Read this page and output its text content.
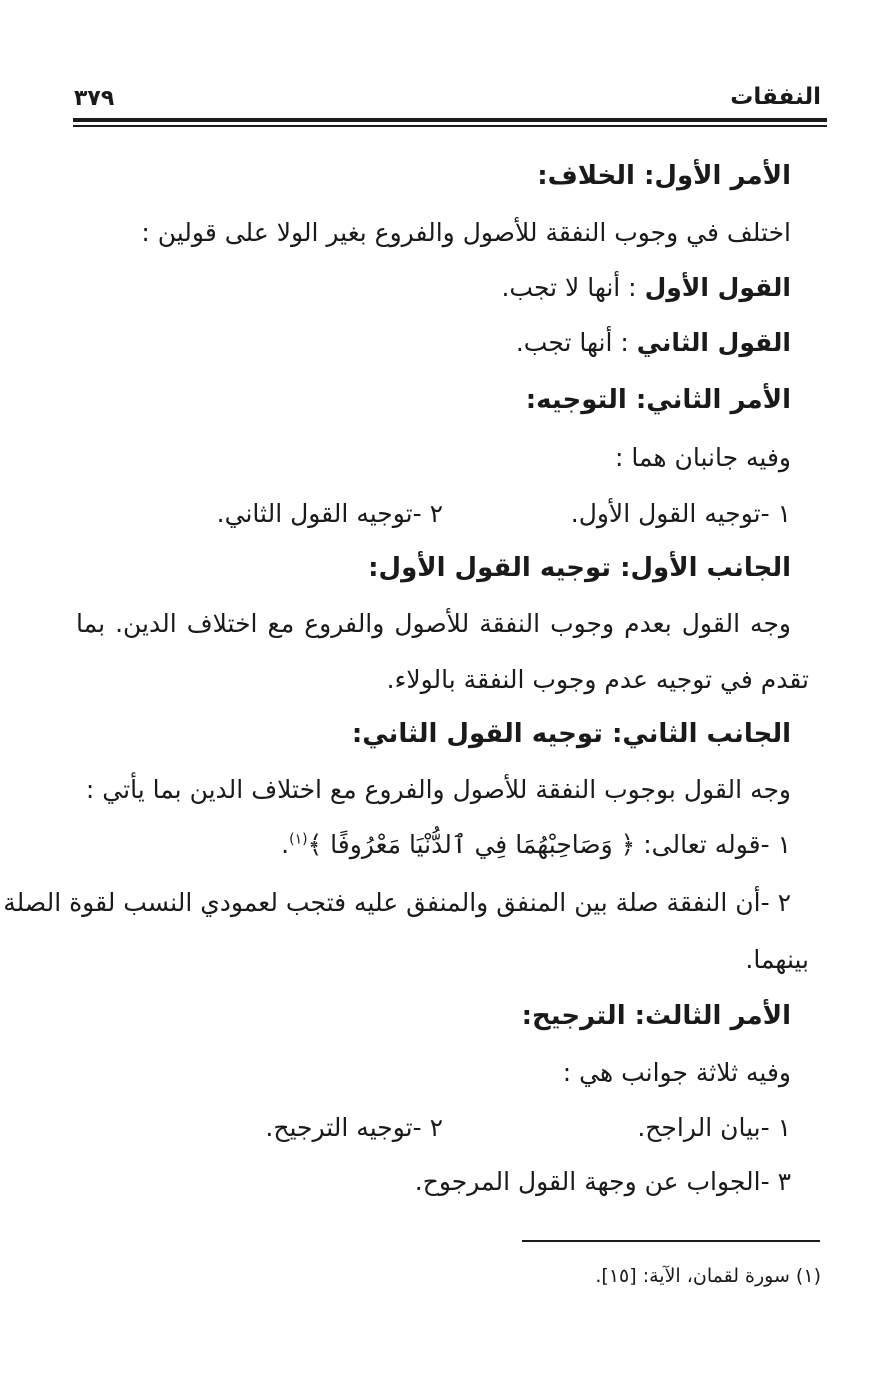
النفقات
٣٧٩
الأمر الأول: الخلاف:
اختلف في وجوب النفقة للأصول والفروع بغير الولا على قولين :
القول الأول : أنها لا تجب.
القول الثاني : أنها تجب.
الأمر الثاني: التوجيه:
وفيه جانبان هما :
١ -توجيه القول الأول.
٢ -توجيه القول الثاني.
الجانب الأول: توجيه القول الأول:
وجه القول بعدم وجوب النفقة للأصول والفروع مع اختلاف الدين. بما
تقدم في توجيه عدم وجوب النفقة بالولاء.
الجانب الثاني: توجيه القول الثاني:
وجه القول بوجوب النفقة للأصول والفروع مع اختلاف الدين بما يأتي :
١ -قوله تعالى: ﴿ وَصَاحِبْهُمَا فِي ٱلدُّنْيَا مَعْرُوفًا ﴾$^{(١)}$.
٢ -أن النفقة صلة بين المنفق والمنفق عليه فتجب لعمودي النسب لقوة الصلة
بينهما.
الأمر الثالث: الترجيح:
وفيه ثلاثة جوانب هي :
١ -بيان الراجح.
٢ -توجيه الترجيح.
٣ -الجواب عن وجهة القول المرجوح.
(١) سورة لقمان، الآية: [١٥].
